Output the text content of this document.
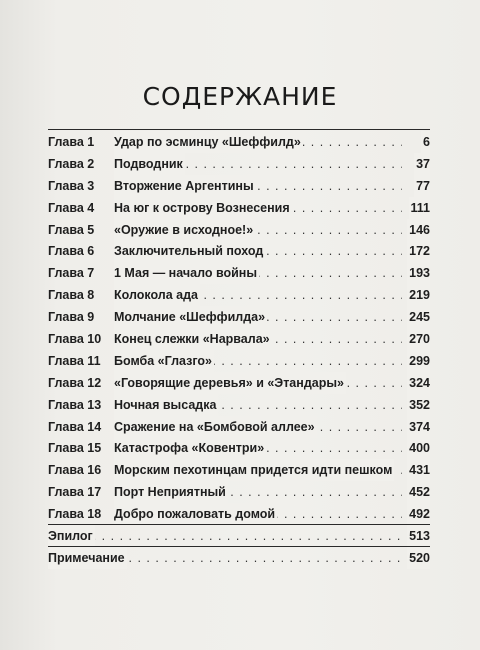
СОДЕРЖАНИЕ
Глава 1 . . . Удар по эсминцу «Шеффилд»	6
Глава 2 . . . Подводник	37
Глава 3 . . . Вторжение Аргентины	77
Глава 4 . . . На юг к острову Вознесения	111
Глава 5 . . . «Оружие в исходное!»	146
Глава 6 . . . Заключительный поход	172
Глава 7 . . . 1 Мая — начало войны	193
Глава 8 . . . Колокола ада	219
Глава 9 . . . Молчание «Шеффилда»	245
Глава 10 . . . Конец слежки «Нарвала»	270
Глава 11 . . . Бомба «Глазго»	299
Глава 12 . . . «Говорящие деревья» и «Этандары»	324
Глава 13 . . . Ночная высадка	352
Глава 14 . . . Сражение на «Бомбовой аллее»	374
Глава 15 . . . Катастрофа «Ковентри»	400
Глава 16 . . . Морским пехотинцам придется идти пешком 431
Глава 17 . . . Порт Неприятный	452
Глава 18 . . . Добро пожаловать домой	492
. . .
Эпилог	513
. . .
Примечание	520
